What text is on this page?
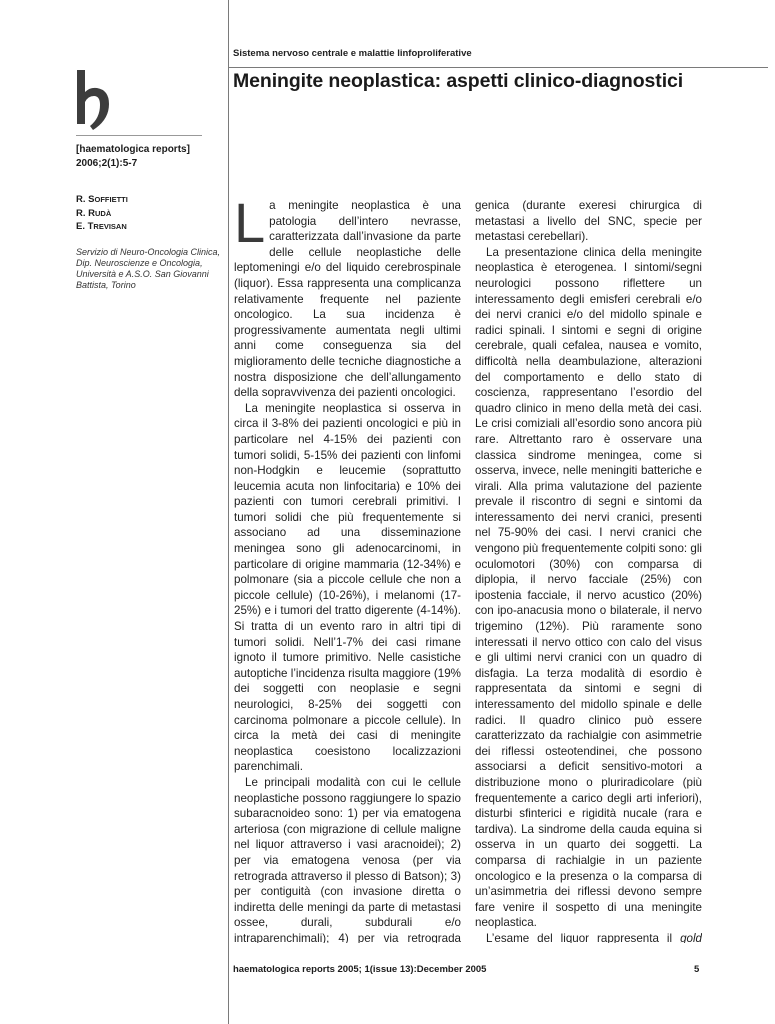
Sistema nervoso centrale e malattie linfoproliferative
Meningite neoplastica: aspetti clinico-diagnostici
[haematologica reports]
2006;2(1):5-7
R. SOFFIETTI
R. RUDÀ
E. TREVISAN
Servizio di Neuro-Oncologia Clinica, Dip. Neuroscienze e Oncologia, Università e A.S.O. San Giovanni Battista, Torino

La meningite neoplastica è una patologia dell’intero nevrasse, caratterizzata dall’invasione da parte delle cellule neoplastiche delle leptomeningi e/o del liquido cerebrospinale (liquor). Essa rappresenta una complicanza relativamente frequente nel paziente oncologico. La sua incidenza è progressivamente aumentata negli ultimi anni come conseguenza sia del miglioramento delle tecniche diagnostiche a nostra disposizione che dell’allungamento della sopravvivenza dei pazienti oncologici.

La meningite neoplastica si osserva in circa il 3-8% dei pazienti oncologici e più in particolare nel 4-15% dei pazienti con tumori solidi, 5-15% dei pazienti con linfomi non-Hodgkin e leucemie (soprattutto leucemia acuta non linfocitaria) e 10% dei pazienti con tumori cerebrali primitivi. I tumori solidi che più frequentemente si associano ad una disseminazione meningea sono gli adenocarcinomi, in particolare di origine mammaria (12-34%) e polmonare (sia a piccole cellule che non a piccole cellule) (10-26%), i melanomi (17-25%) e i tumori del tratto digerente (4-14%). Si tratta di un evento raro in altri tipi di tumori solidi. Nell’1-7% dei casi rimane ignoto il tumore primitivo. Nelle casistiche autoptiche l’incidenza risulta maggiore (19% dei soggetti con neoplasie e segni neurologici, 8-25% dei soggetti con carcinoma polmonare a piccole cellule). In circa la metà dei casi di meningite neoplastica coesistono localizzazioni parenchimali.

Le principali modalità con cui le cellule neoplastiche possono raggiungere lo spazio subaracnoideo sono: 1) per via ematogena arteriosa (con migrazione di cellule maligne nel liquor attraverso i vasi aracnoidei); 2) per via ematogena venosa (per via retrograda attraverso il plesso di Batson); 3) per contiguità (con invasione diretta o indiretta delle meningi da parte di metastasi ossee, durali, subdurali e/o intraparenchimali); 4) per via retrograda

genica (durante exeresi chirurgica di metastasi a livello del SNC, specie per metastasi cerebellari).

La presentazione clinica della meningite neoplastica è eterogenea. I sintomi/segni neurologici possono riflettere un interessamento degli emisferi cerebrali e/o dei nervi cranici e/o del midollo spinale e radici spinali. I sintomi e segni di origine cerebrale, quali cefalea, nausea e vomito, difficoltà nella deambulazione, alterazioni del comportamento e dello stato di coscienza, rappresentano l’esordio del quadro clinico in meno della metà dei casi. Le crisi comiziali all’esordio sono ancora più rare. Altrettanto raro è osservare una classica sindrome meningea, come si osserva, invece, nelle meningiti batteriche e virali. Alla prima valutazione del paziente prevale il riscontro di segni e sintomi da interessamento dei nervi cranici, presenti nel 75-90% dei casi. I nervi cranici che vengono più frequentemente colpiti sono: gli oculomotori (30%) con comparsa di diplopia, il nervo facciale (25%) con ipostenia facciale, il nervo acustico (20%) con ipo-anacusia mono o bilaterale, il nervo trigemino (12%). Più raramente sono interessati il nervo ottico con calo del visus e gli ultimi nervi cranici con un quadro di disfagia. La terza modalità di esordio è rappresentata da sintomi e segni di interessamento del midollo spinale e delle radici. Il quadro clinico può essere caratterizzato da rachialgie con asimmetrie dei riflessi osteotendinei, che possono associarsi a deficit sensitivo-motori a distribuzione mono o pluriradicolare (più frequentemente a carico degli arti inferiori), disturbi sfinterici e rigidità nucale (rara e tardiva). La sindrome della cauda equina si osserva in un quarto dei soggetti. La comparsa di rachialgie in un paziente oncologico e la presenza o la comparsa di un’asimmetria dei riflessi devono sempre fare venire il sospetto di una meningite neoplastica.

L’esame del liquor rappresenta il gold

haematologica reports 2005; 1(issue 13):December 2005	5
